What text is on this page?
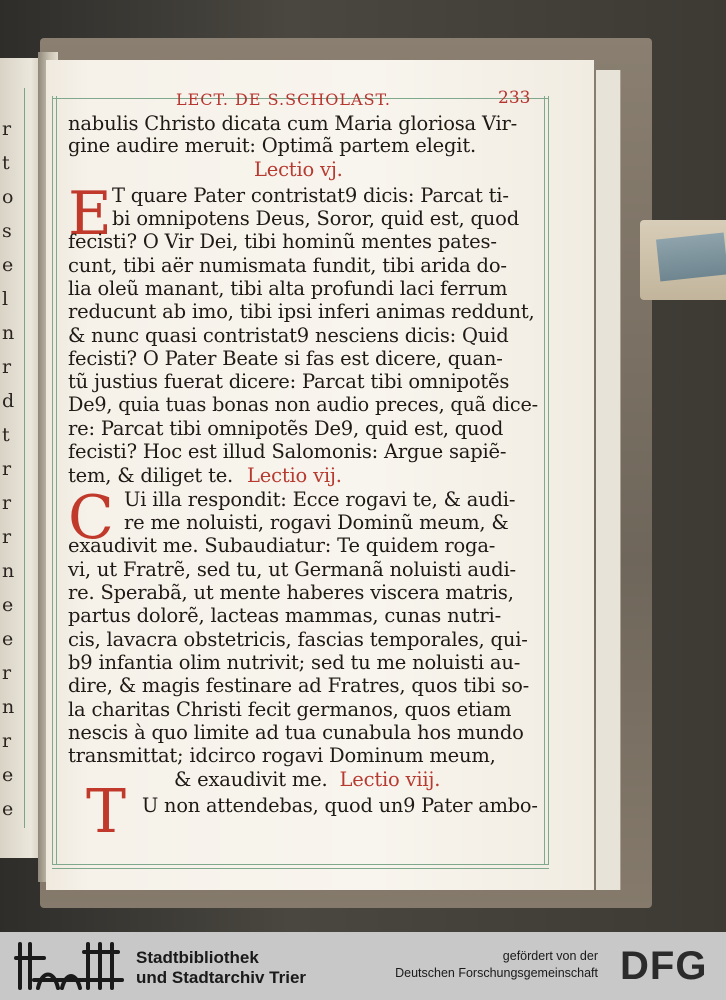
r
t
o
s
e
l
n
r
d
t
r
r
r
n
e
e
r
n
r
e
e
LECT. DE S.SCHOLAST.	233
nabulis Christo dicata cum Maria gloriosa Vir-
gine audire meruit: Optimã partem elegit.
Lectio vj.
E T quare Pater contristat9 dicis: Parcat ti-
bi omnipotens Deus, Soror, quid est, quod
fecisti? O Vir Dei, tibi hominũ mentes pates-
cunt, tibi aër numismata fundit, tibi arida do-
lia oleũ manant, tibi alta profundi laci ferrum
reducunt ab imo, tibi ipsi inferi animas reddunt,
& nunc quasi contristat9 nesciens dicis: Quid
fecisti? O Pater Beate si fas est dicere, quan-
tũ justius fuerat dicere: Parcat tibi omnipotẽs
De9, quia tuas bonas non audio preces, quã dice-
re: Parcat tibi omnipotẽs De9, quid est, quod
fecisti? Hoc est illud Salomonis: Argue sapiẽ-
tem, & diliget te. Lectio vij.
C Ui illa respondit: Ecce rogavi te, & audi-
re me noluisti, rogavi Dominũ meum, &
exaudivit me. Subaudiatur: Te quidem roga-
vi, ut Fratrẽ, sed tu, ut Germanã noluisti audi-
re. Sperabã, ut mente haberes viscera matris,
partus dolorẽ, lacteas mammas, cunas nutri-
cis, lavacra obstetricis, fascias temporales, qui-
b9 infantia olim nutrivit; sed tu me noluisti au-
dire, & magis festinare ad Fratres, quos tibi so-
la charitas Christi fecit germanos, quos etiam
nescis à quo limite ad tua cunabula hos mundo
transmittat; idcirco rogavi Dominum meum,
& exaudivit me. Lectio viij.
T U non attendebas, quod un9 Pater ambo-
Stadtbibliothek
und Stadtarchiv Trier
gefördert von der
Deutschen Forschungsgemeinschaft DFG
